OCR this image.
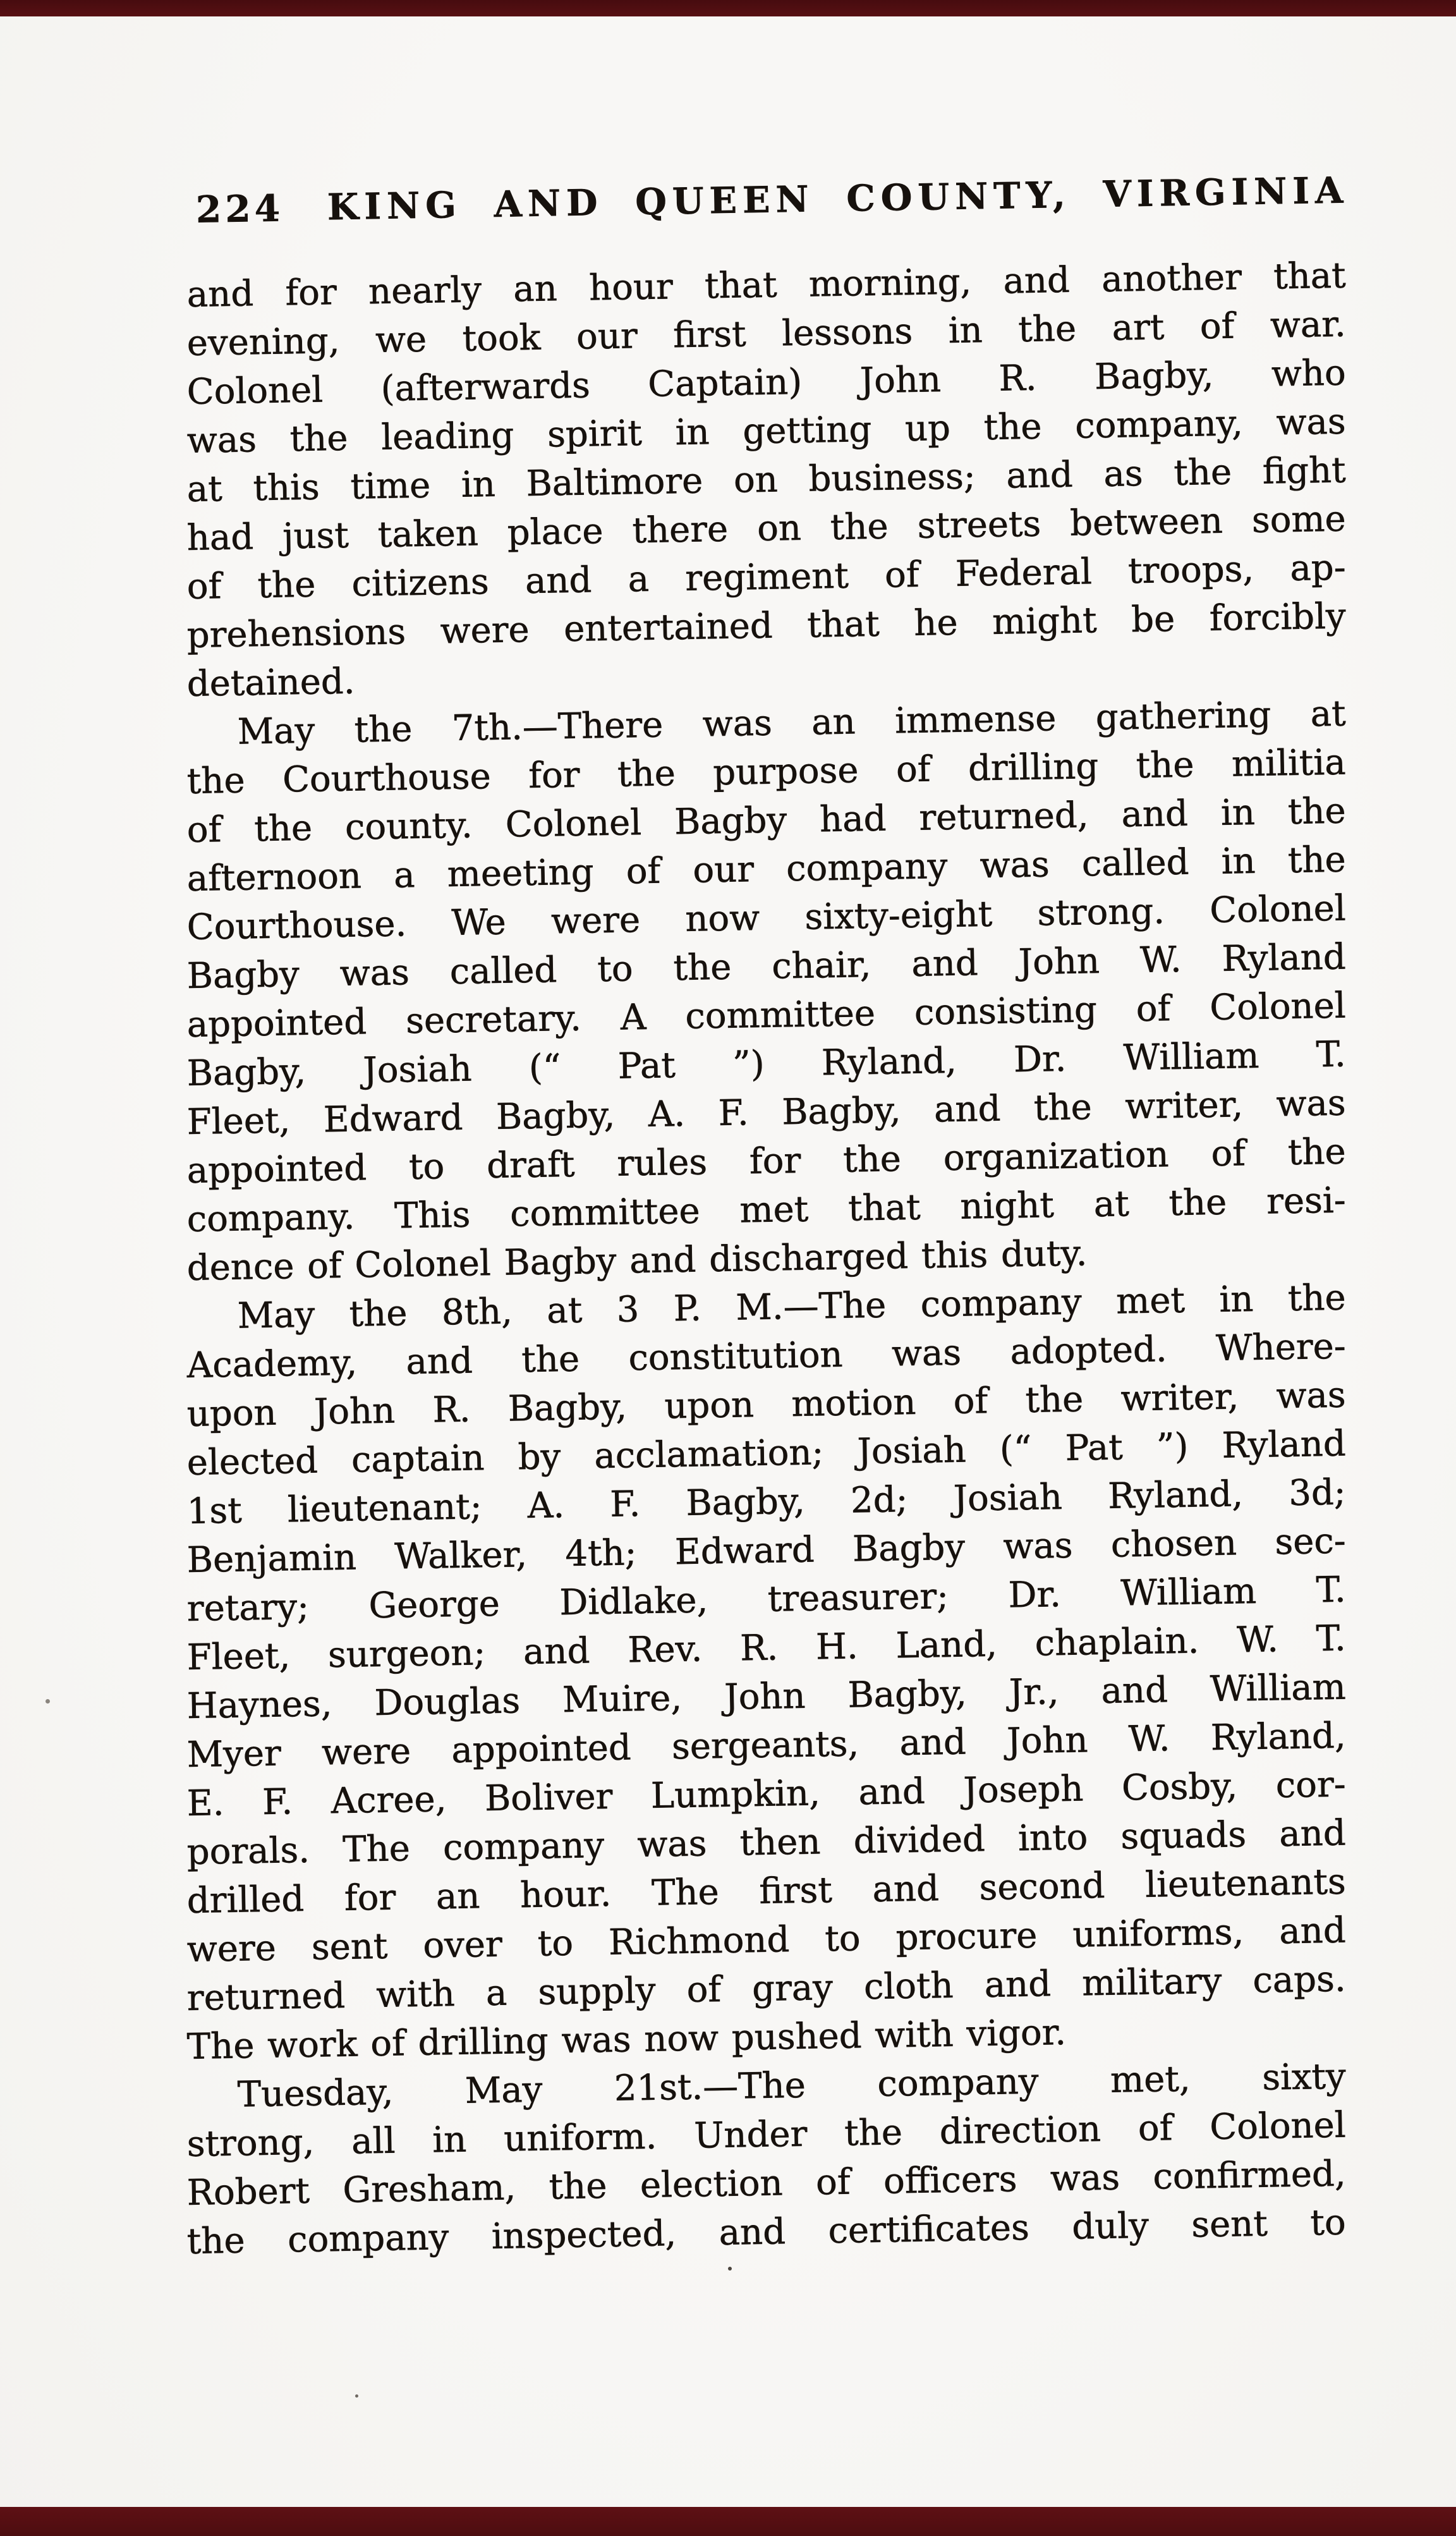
224 KING AND QUEEN COUNTY, VIRGINIA
and for nearly an hour that morning, and another that
evening, we took our first lessons in the art of war.
Colonel (afterwards Captain) John R. Bagby, who
was the leading spirit in getting up the company, was
at this time in Baltimore on business; and as the fight
had just taken place there on the streets between some
of the citizens and a regiment of Federal troops, ap-
prehensions were entertained that he might be forcibly
detained.
May the 7th.—There was an immense gathering at
the Courthouse for the purpose of drilling the militia
of the county. Colonel Bagby had returned, and in the
afternoon a meeting of our company was called in the
Courthouse. We were now sixty-eight strong. Colonel
Bagby was called to the chair, and John W. Ryland
appointed secretary. A committee consisting of Colonel
Bagby, Josiah (“ Pat ”) Ryland, Dr. William T.
Fleet, Edward Bagby, A. F. Bagby, and the writer, was
appointed to draft rules for the organization of the
company. This committee met that night at the resi-
dence of Colonel Bagby and discharged this duty.
May the 8th, at 3 P. M.—The company met in the
Academy, and the constitution was adopted. Where-
upon John R. Bagby, upon motion of the writer, was
elected captain by acclamation; Josiah (“ Pat ”) Ryland
1st lieutenant; A. F. Bagby, 2d; Josiah Ryland, 3d;
Benjamin Walker, 4th; Edward Bagby was chosen sec-
retary; George Didlake, treasurer; Dr. William T.
Fleet, surgeon; and Rev. R. H. Land, chaplain. W. T.
Haynes, Douglas Muire, John Bagby, Jr., and William
Myer were appointed sergeants, and John W. Ryland,
E. F. Acree, Boliver Lumpkin, and Joseph Cosby, cor-
porals. The company was then divided into squads and
drilled for an hour. The first and second lieutenants
were sent over to Richmond to procure uniforms, and
returned with a supply of gray cloth and military caps.
The work of drilling was now pushed with vigor.
Tuesday, May 21st.—The company met, sixty
strong, all in uniform. Under the direction of Colonel
Robert Gresham, the election of officers was confirmed,
the company inspected, and certificates duly sent to
